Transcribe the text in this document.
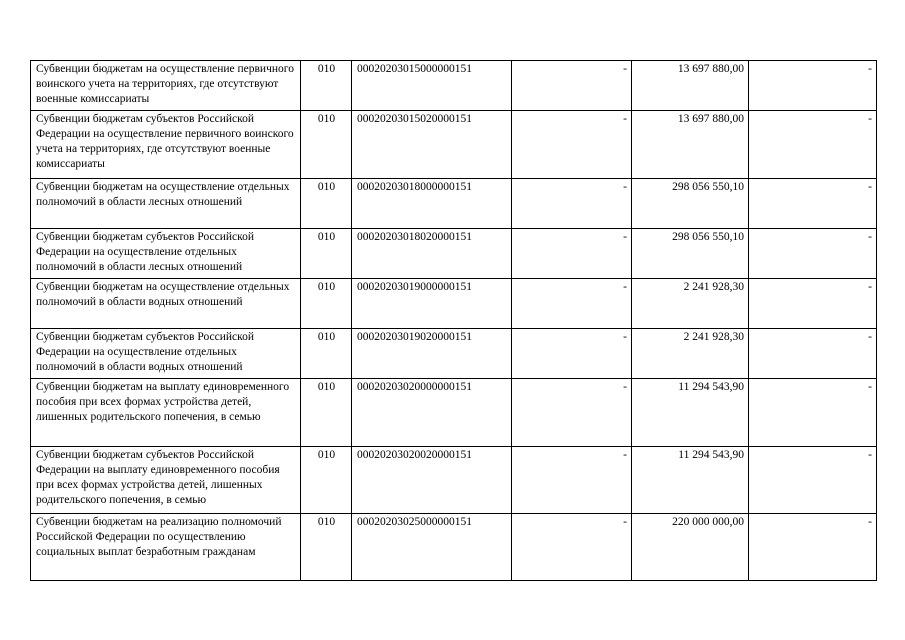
Субвенции бюджетам на осуществление первичного воинского учета на территориях, где отсутствуют военные комиссариаты	010	00020203015000000151	-	13 697 880,00	-
Субвенции бюджетам субъектов Российской Федерации на осуществление первичного воинского учета на территориях, где отсутствуют военные комиссариаты	010	00020203015020000151	-	13 697 880,00	-
Субвенции бюджетам на осуществление отдельных полномочий в области лесных отношений	010	00020203018000000151	-	298 056 550,10	-
Субвенции бюджетам субъектов Российской Федерации на осуществление отдельных полномочий в области лесных отношений	010	00020203018020000151	-	298 056 550,10	-
Субвенции бюджетам на осуществление отдельных полномочий в области водных отношений	010	00020203019000000151	-	2 241 928,30	-
Субвенции бюджетам субъектов Российской Федерации на осуществление отдельных полномочий в области водных отношений	010	00020203019020000151	-	2 241 928,30	-
Субвенции бюджетам на выплату единовременного пособия при всех формах устройства детей, лишенных родительского попечения, в семью	010	00020203020000000151	-	11 294 543,90	-
Субвенции бюджетам субъектов Российской Федерации на выплату единовременного пособия при всех формах устройства детей, лишенных родительского попечения, в семью	010	00020203020020000151	-	11 294 543,90	-
Субвенции бюджетам на реализацию полномочий Российской Федерации по осуществлению социальных выплат безработным гражданам	010	00020203025000000151	-	220 000 000,00	-
